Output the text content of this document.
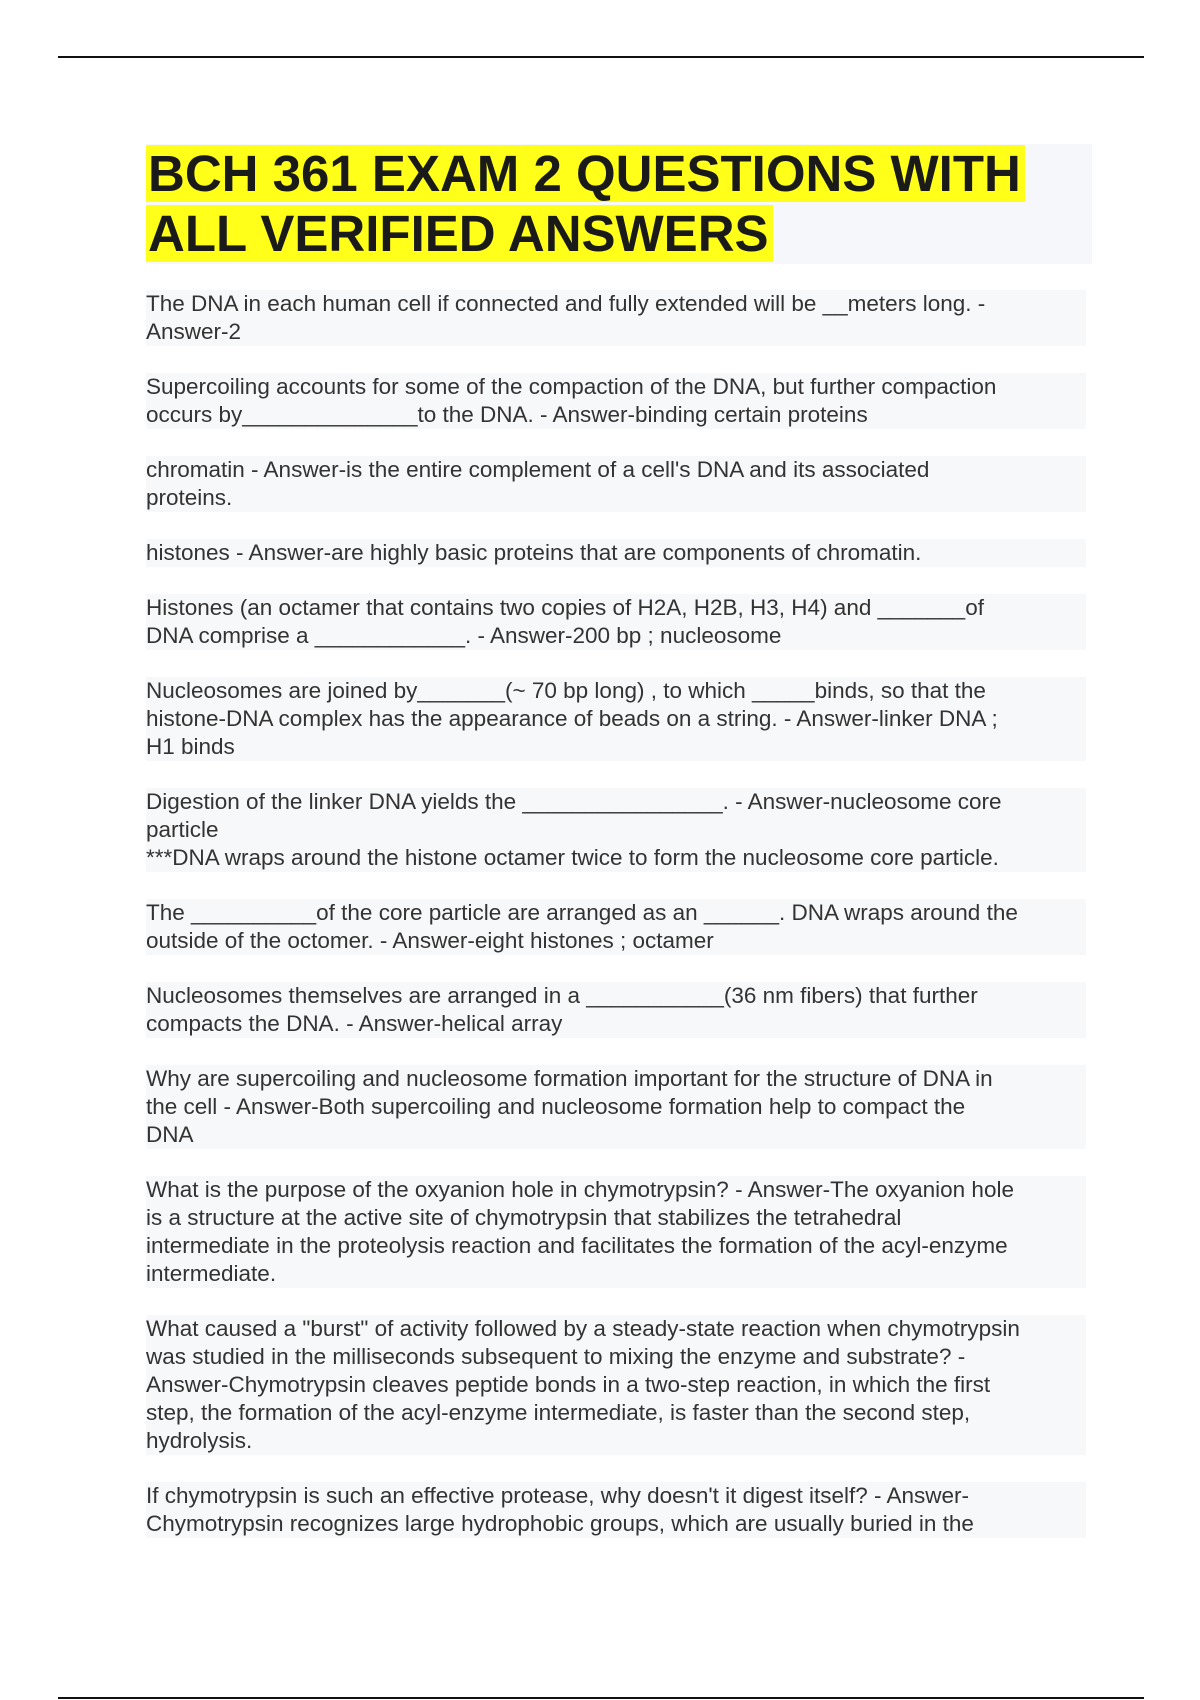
BCH 361 EXAM 2 QUESTIONS WITH
ALL VERIFIED ANSWERS

The DNA in each human cell if connected and fully extended will be __meters long. -
Answer-2

Supercoiling accounts for some of the compaction of the DNA, but further compaction
occurs by______________to the DNA. - Answer-binding certain proteins

chromatin - Answer-is the entire complement of a cell's DNA and its associated
proteins.

histones - Answer-are highly basic proteins that are components of chromatin.

Histones (an octamer that contains two copies of H2A, H2B, H3, H4) and _______of
DNA comprise a ____________. - Answer-200 bp ; nucleosome

Nucleosomes are joined by_______(~ 70 bp long) , to which _____binds, so that the
histone-DNA complex has the appearance of beads on a string. - Answer-linker DNA ;
H1 binds

Digestion of the linker DNA yields the ________________. - Answer-nucleosome core
particle
***DNA wraps around the histone octamer twice to form the nucleosome core particle.

The __________of the core particle are arranged as an ______. DNA wraps around the
outside of the octomer. - Answer-eight histones ; octamer

Nucleosomes themselves are arranged in a ___________(36 nm fibers) that further
compacts the DNA. - Answer-helical array

Why are supercoiling and nucleosome formation important for the structure of DNA in
the cell - Answer-Both supercoiling and nucleosome formation help to compact the
DNA

What is the purpose of the oxyanion hole in chymotrypsin? - Answer-The oxyanion hole
is a structure at the active site of chymotrypsin that stabilizes the tetrahedral
intermediate in the proteolysis reaction and facilitates the formation of the acyl-enzyme
intermediate.

What caused a "burst" of activity followed by a steady-state reaction when chymotrypsin
was studied in the milliseconds subsequent to mixing the enzyme and substrate? -
Answer-Chymotrypsin cleaves peptide bonds in a two-step reaction, in which the first
step, the formation of the acyl-enzyme intermediate, is faster than the second step,
hydrolysis.

If chymotrypsin is such an effective protease, why doesn't it digest itself? - Answer-
Chymotrypsin recognizes large hydrophobic groups, which are usually buried in the
